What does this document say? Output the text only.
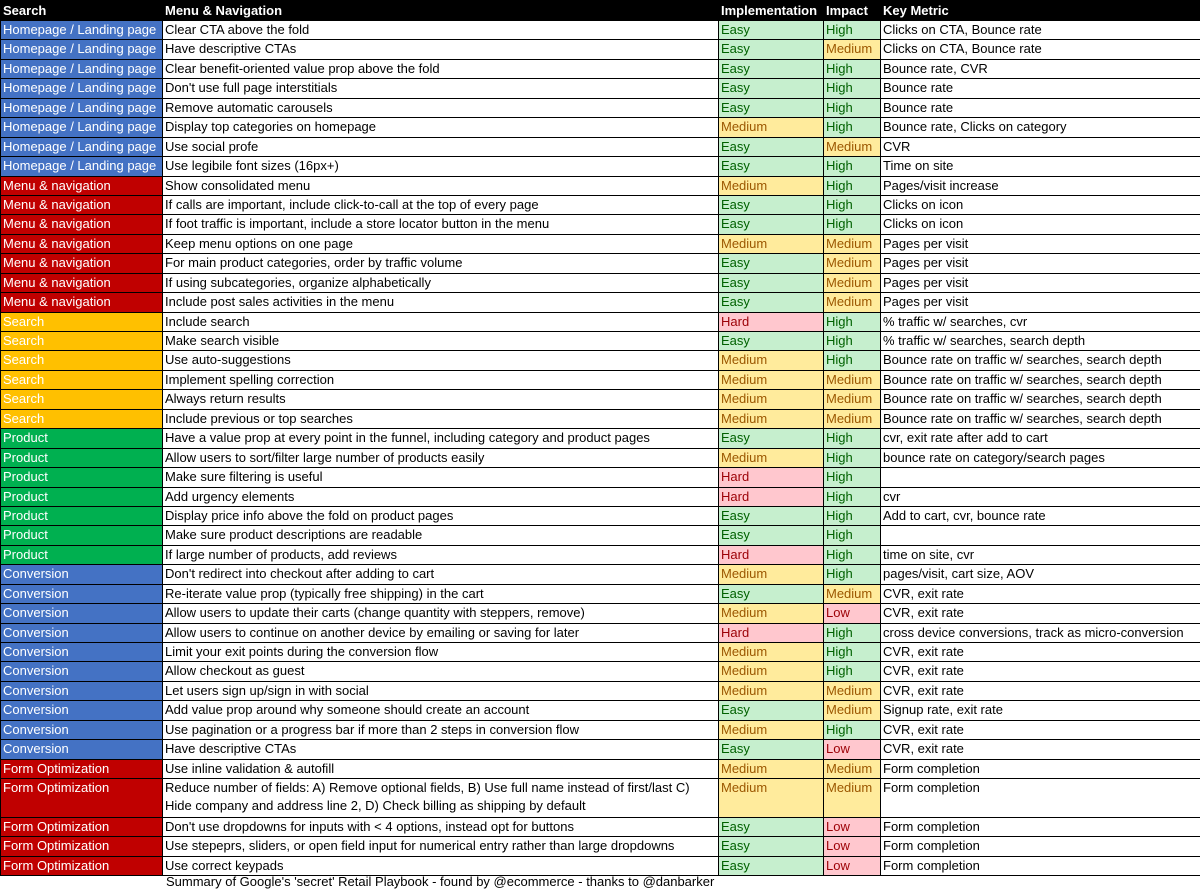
Search	Menu & Navigation	Implementation	Impact	Key Metric
Homepage / Landing page	Clear CTA above the fold	Easy	High	Clicks on CTA, Bounce rate
Homepage / Landing page	Have descriptive CTAs	Easy	Medium	Clicks on CTA, Bounce rate
Homepage / Landing page	Clear benefit-oriented value prop above the fold	Easy	High	Bounce rate, CVR
Homepage / Landing page	Don't use full page interstitials	Easy	High	Bounce rate
Homepage / Landing page	Remove automatic carousels	Easy	High	Bounce rate
Homepage / Landing page	Display top categories on homepage	Medium	High	Bounce rate, Clicks on category
Homepage / Landing page	Use social profe	Easy	Medium	CVR
Homepage / Landing page	Use legibile font sizes (16px+)	Easy	High	Time on site
Menu & navigation	Show consolidated menu	Medium	High	Pages/visit increase
Menu & navigation	If calls are important, include click-to-call at the top of every page	Easy	High	Clicks on icon
Menu & navigation	If foot traffic is important, include a store locator button in the menu	Easy	High	Clicks on icon
Menu & navigation	Keep menu options on one page	Medium	Medium	Pages per visit
Menu & navigation	For main product categories, order by traffic volume	Easy	Medium	Pages per visit
Menu & navigation	If using subcategories, organize alphabetically	Easy	Medium	Pages per visit
Menu & navigation	Include post sales activities in the menu	Easy	Medium	Pages per visit
Search	Include search	Hard	High	% traffic w/ searches, cvr
Search	Make search visible	Easy	High	% traffic w/ searches, search depth
Search	Use auto-suggestions	Medium	High	Bounce rate on traffic w/ searches, search depth
Search	Implement spelling correction	Medium	Medium	Bounce rate on traffic w/ searches, search depth
Search	Always return results	Medium	Medium	Bounce rate on traffic w/ searches, search depth
Search	Include previous or top searches	Medium	Medium	Bounce rate on traffic w/ searches, search depth
Product	Have a value prop at every point in the funnel, including category and product pages	Easy	High	cvr, exit rate after add to cart
Product	Allow users to sort/filter large number of products easily	Medium	High	bounce rate on category/search pages
Product	Make sure filtering is useful	Hard	High	
Product	Add urgency elements	Hard	High	cvr
Product	Display price info above the fold on product pages	Easy	High	Add to cart, cvr, bounce rate
Product	Make sure product descriptions are readable	Easy	High	
Product	If large number of products, add reviews	Hard	High	time on site, cvr
Conversion	Don't redirect into checkout after adding to cart	Medium	High	pages/visit, cart size, AOV
Conversion	Re-iterate value prop (typically free shipping) in the cart	Easy	Medium	CVR, exit rate
Conversion	Allow users to update their carts (change quantity with steppers, remove)	Medium	Low	CVR, exit rate
Conversion	Allow users to continue on another device by emailing or saving for later	Hard	High	cross device conversions, track as micro-conversion
Conversion	Limit your exit points during the conversion flow	Medium	High	CVR, exit rate
Conversion	Allow checkout as guest	Medium	High	CVR, exit rate
Conversion	Let users sign up/sign in with social	Medium	Medium	CVR, exit rate
Conversion	Add value prop around why someone should create an account	Easy	Medium	Signup rate, exit rate
Conversion	Use pagination or a progress bar if more than 2 steps in conversion flow	Medium	High	CVR, exit rate
Conversion	Have descriptive CTAs	Easy	Low	CVR, exit rate
Form Optimization	Use inline validation & autofill	Medium	Medium	Form completion
Form Optimization	Reduce number of fields: A) Remove optional fields, B) Use full name instead of first/last C) Hide company and address line 2, D) Check billing as shipping by default	Medium	Medium	Form completion
Form Optimization	Don't use dropdowns for inputs with < 4 options, instead opt for buttons	Easy	Low	Form completion
Form Optimization	Use stepeprs, sliders, or open field input for numerical entry rather than large dropdowns	Easy	Low	Form completion
Form Optimization	Use correct keypads	Easy	Low	Form completion
Summary of Google's 'secret' Retail Playbook - found by @ecommerce - thanks to @danbarker
